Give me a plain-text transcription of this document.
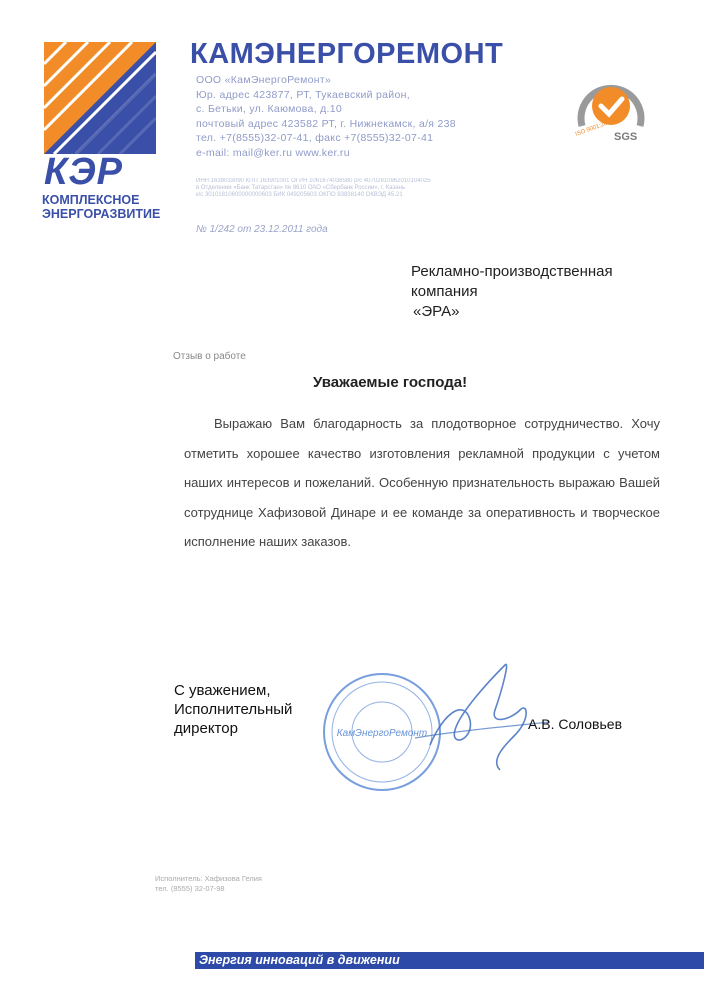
КЭР
КОМПЛЕКСНОЕ
ЭНЕРГОРАЗВИТИЕ
КАМЭНЕРГОРЕМОНТ
ООО «КамЭнергоРемонт»
Юр. адрес 423877, РТ, Тукаевский район,
с. Бетьки, ул. Каюмова, д.10
почтовый адрес 423582 РТ, г. Нижнекамск, а/я 238
тел. +7(8555)32-07-41, факс +7(8555)32-07-41
e-mail: mail@ker.ru www.ker.ru
ИНН 1639033090 КПП 163901001 ОГРН 1061674038580 р/с 40702810962010104025
в Отделении «Банк Татарстан» № 8610 ОАО «Сбербанк России», г. Казань
к/с 30101810600000000603 БИК 049205603 ОКПО 93838140 ОКВЭД 45.21
№ 1/242 от 23.12.2011 года
SGS
ISO 9001:2008
Рекламно-производственная
компания
«ЭРА»
Отзыв о работе
Уважаемые господа!
Выражаю Вам благодарность за плодотворное сотрудничество. Хочу отметить хорошее качество изготовления рекламной продукции с учетом наших интересов и пожеланий. Особенную признательность выражаю Вашей сотруднице Хафизовой Динаре и ее команде за оперативность и творческое исполнение наших заказов.
С уважением,
Исполнительный
директор	КамЭнергоРемонт
А.В. Соловьев
Исполнитель: Хафизова Гелия
тел. (8555) 32-07-98
Энергия инноваций в движении
